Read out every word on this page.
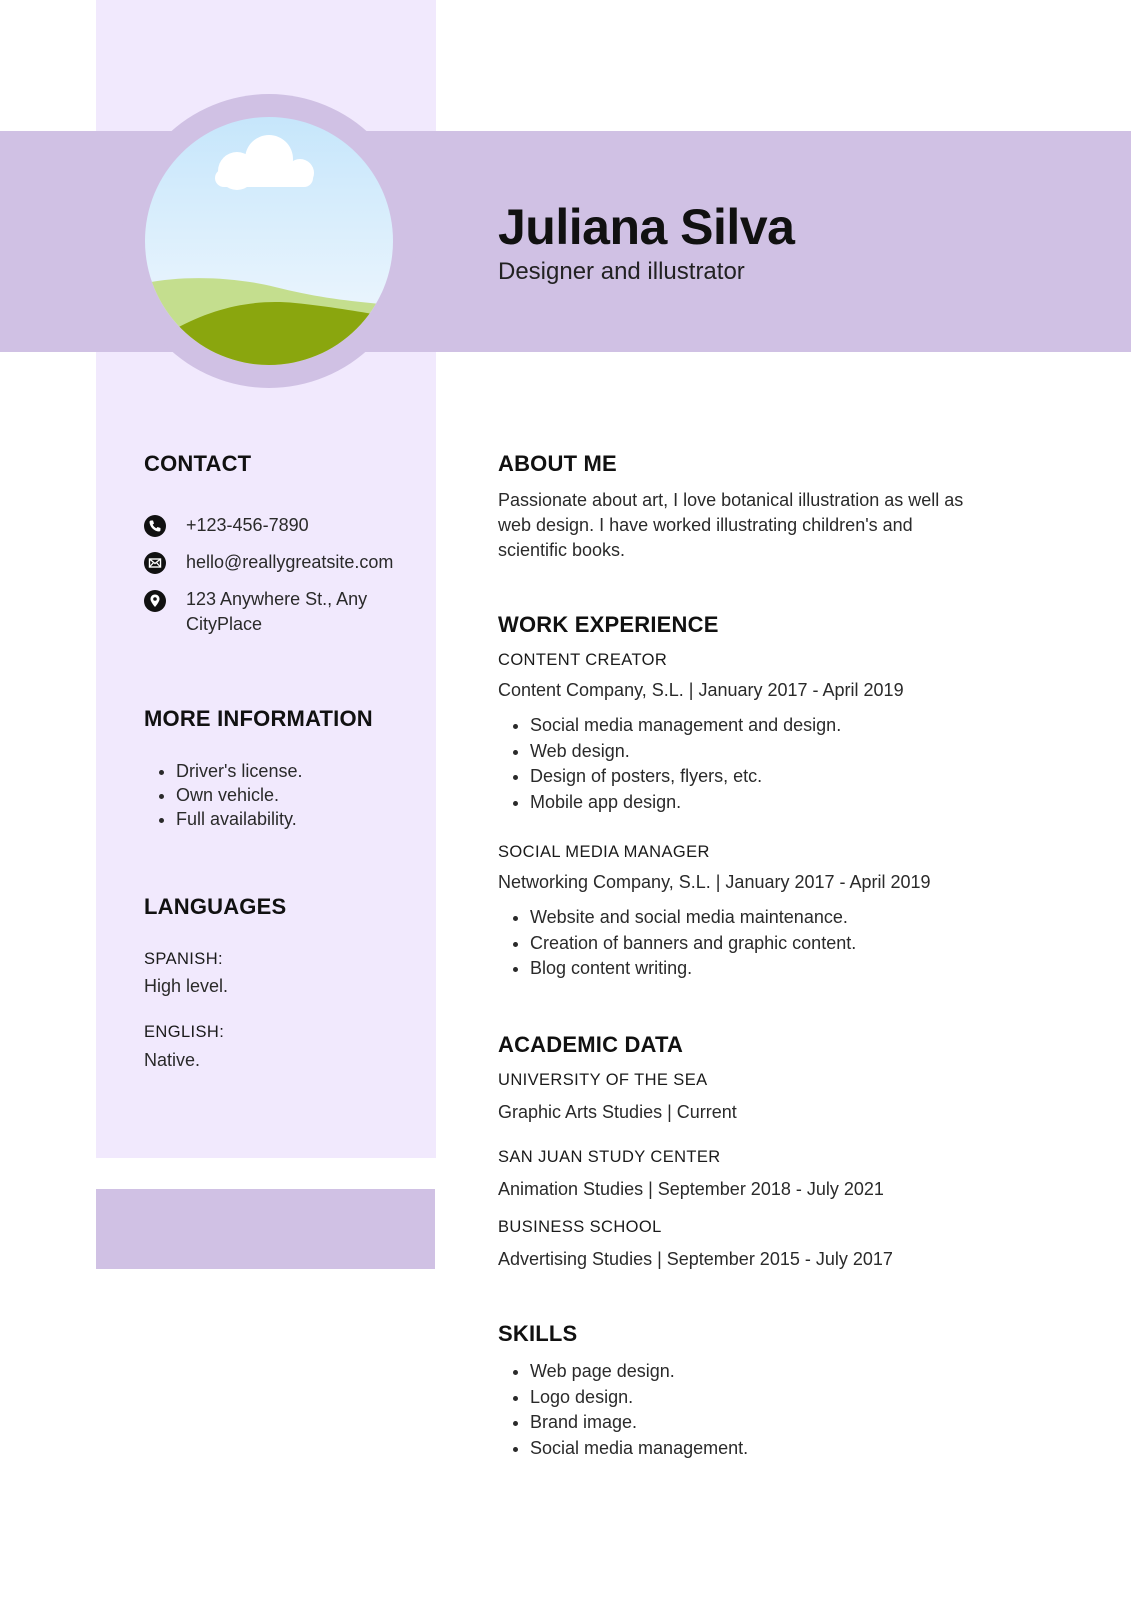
Juliana Silva
Designer and illustrator
CONTACT
+123-456-7890
hello@reallygreatsite.com
123 Anywhere St., Any
CityPlace
MORE INFORMATION
• Driver's license.
• Own vehicle.
• Full availability.
LANGUAGES
SPANISH:
High level.
ENGLISH:
Native.
ABOUT ME
Passionate about art, I love botanical illustration as well as
web design. I have worked illustrating children's and
scientific books.
WORK EXPERIENCE
CONTENT CREATOR
Content Company, S.L. | January 2017 - April 2019
• Social media management and design.
• Web design.
• Design of posters, flyers, etc.
• Mobile app design.
SOCIAL MEDIA MANAGER
Networking Company, S.L. | January 2017 - April 2019
• Website and social media maintenance.
• Creation of banners and graphic content.
• Blog content writing.
ACADEMIC DATA
UNIVERSITY OF THE SEA
Graphic Arts Studies | Current
SAN JUAN STUDY CENTER
Animation Studies | September 2018 - July 2021
BUSINESS SCHOOL
Advertising Studies | September 2015 - July 2017
SKILLS
• Web page design.
• Logo design.
• Brand image.
• Social media management.
